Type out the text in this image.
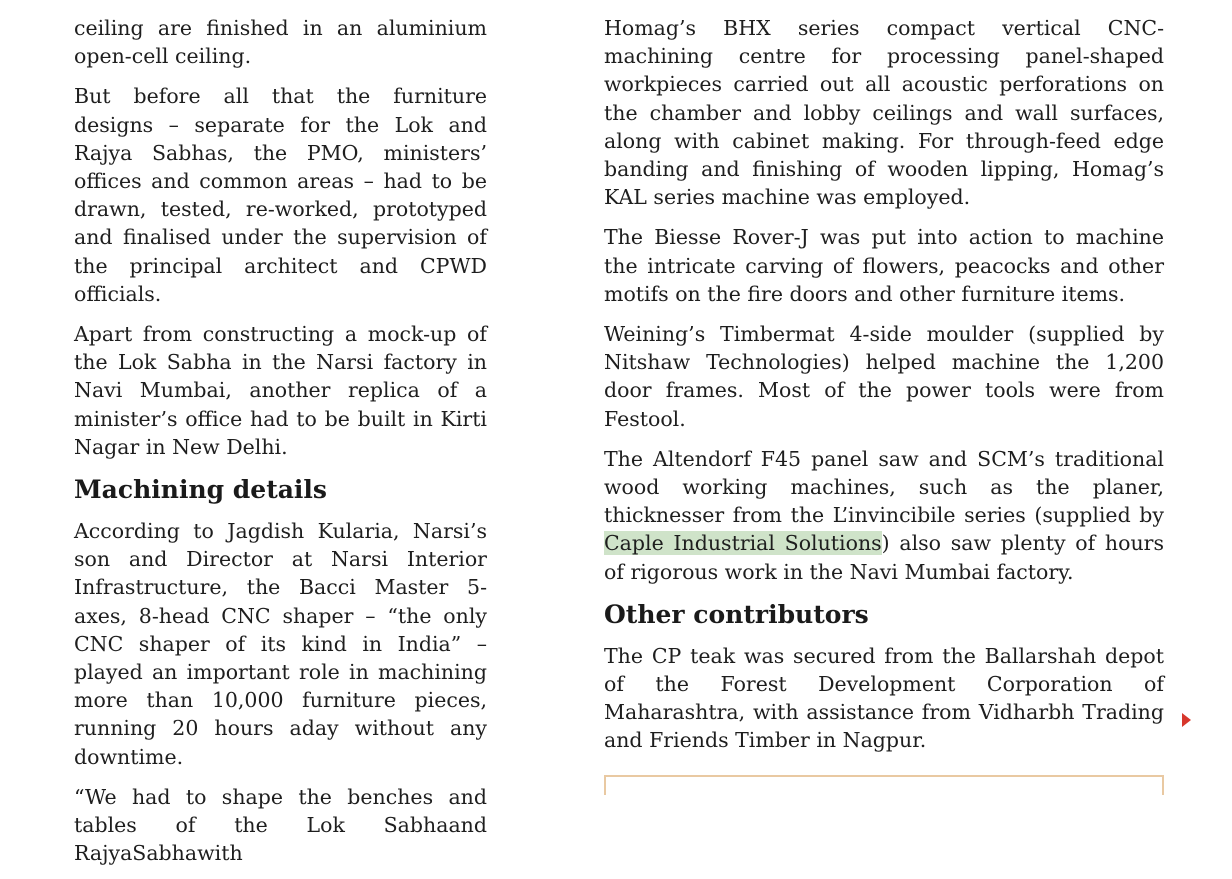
ceiling are finished in an aluminium open-cell ceiling.

But before all that the furniture designs – separate for the Lok and Rajya Sabhas, the PMO, ministers’ offices and common areas – had to be drawn, tested, re-worked, prototyped and finalised under the supervision of the principal architect and CPWD officials.

Apart from constructing a mock-up of the Lok Sabha in the Narsi factory in Navi Mumbai, another replica of a minister’s office had to be built in Kirti Nagar in New Delhi.

Machining details

According to Jagdish Kularia, Narsi’s son and Director at Narsi Interior Infrastructure, the Bacci Master 5-axes, 8-head CNC shaper – “the only CNC shaper of its kind in India” – played an important role in machining more than 10,000 furniture pieces, running 20 hours aday without any downtime.

“We had to shape the benches and tables of the Lok Sabhaand RajyaSabhawith

Homag’s BHX series compact vertical CNC-machining centre for processing panel-shaped workpieces carried out all acoustic perforations on the chamber and lobby ceilings and wall surfaces, along with cabinet making. For through-feed edge banding and finishing of wooden lipping, Homag’s KAL series machine was employed.

The Biesse Rover-J was put into action to machine the intricate carving of flowers, peacocks and other motifs on the fire doors and other furniture items.

Weining’s Timbermat 4-side moulder (supplied by Nitshaw Technologies) helped machine the 1,200 door frames. Most of the power tools were from Festool.

The Altendorf F45 panel saw and SCM’s traditional wood working machines, such as the planer, thicknesser from the L’invincibile series (supplied by Caple Industrial Solutions) also saw plenty of hours of rigorous work in the Navi Mumbai factory.

Other contributors

The CP teak was secured from the Ballarshah depot of the Forest Development Corporation of Maharashtra, with assistance from Vidharbh Trading and Friends Timber in Nagpur.
